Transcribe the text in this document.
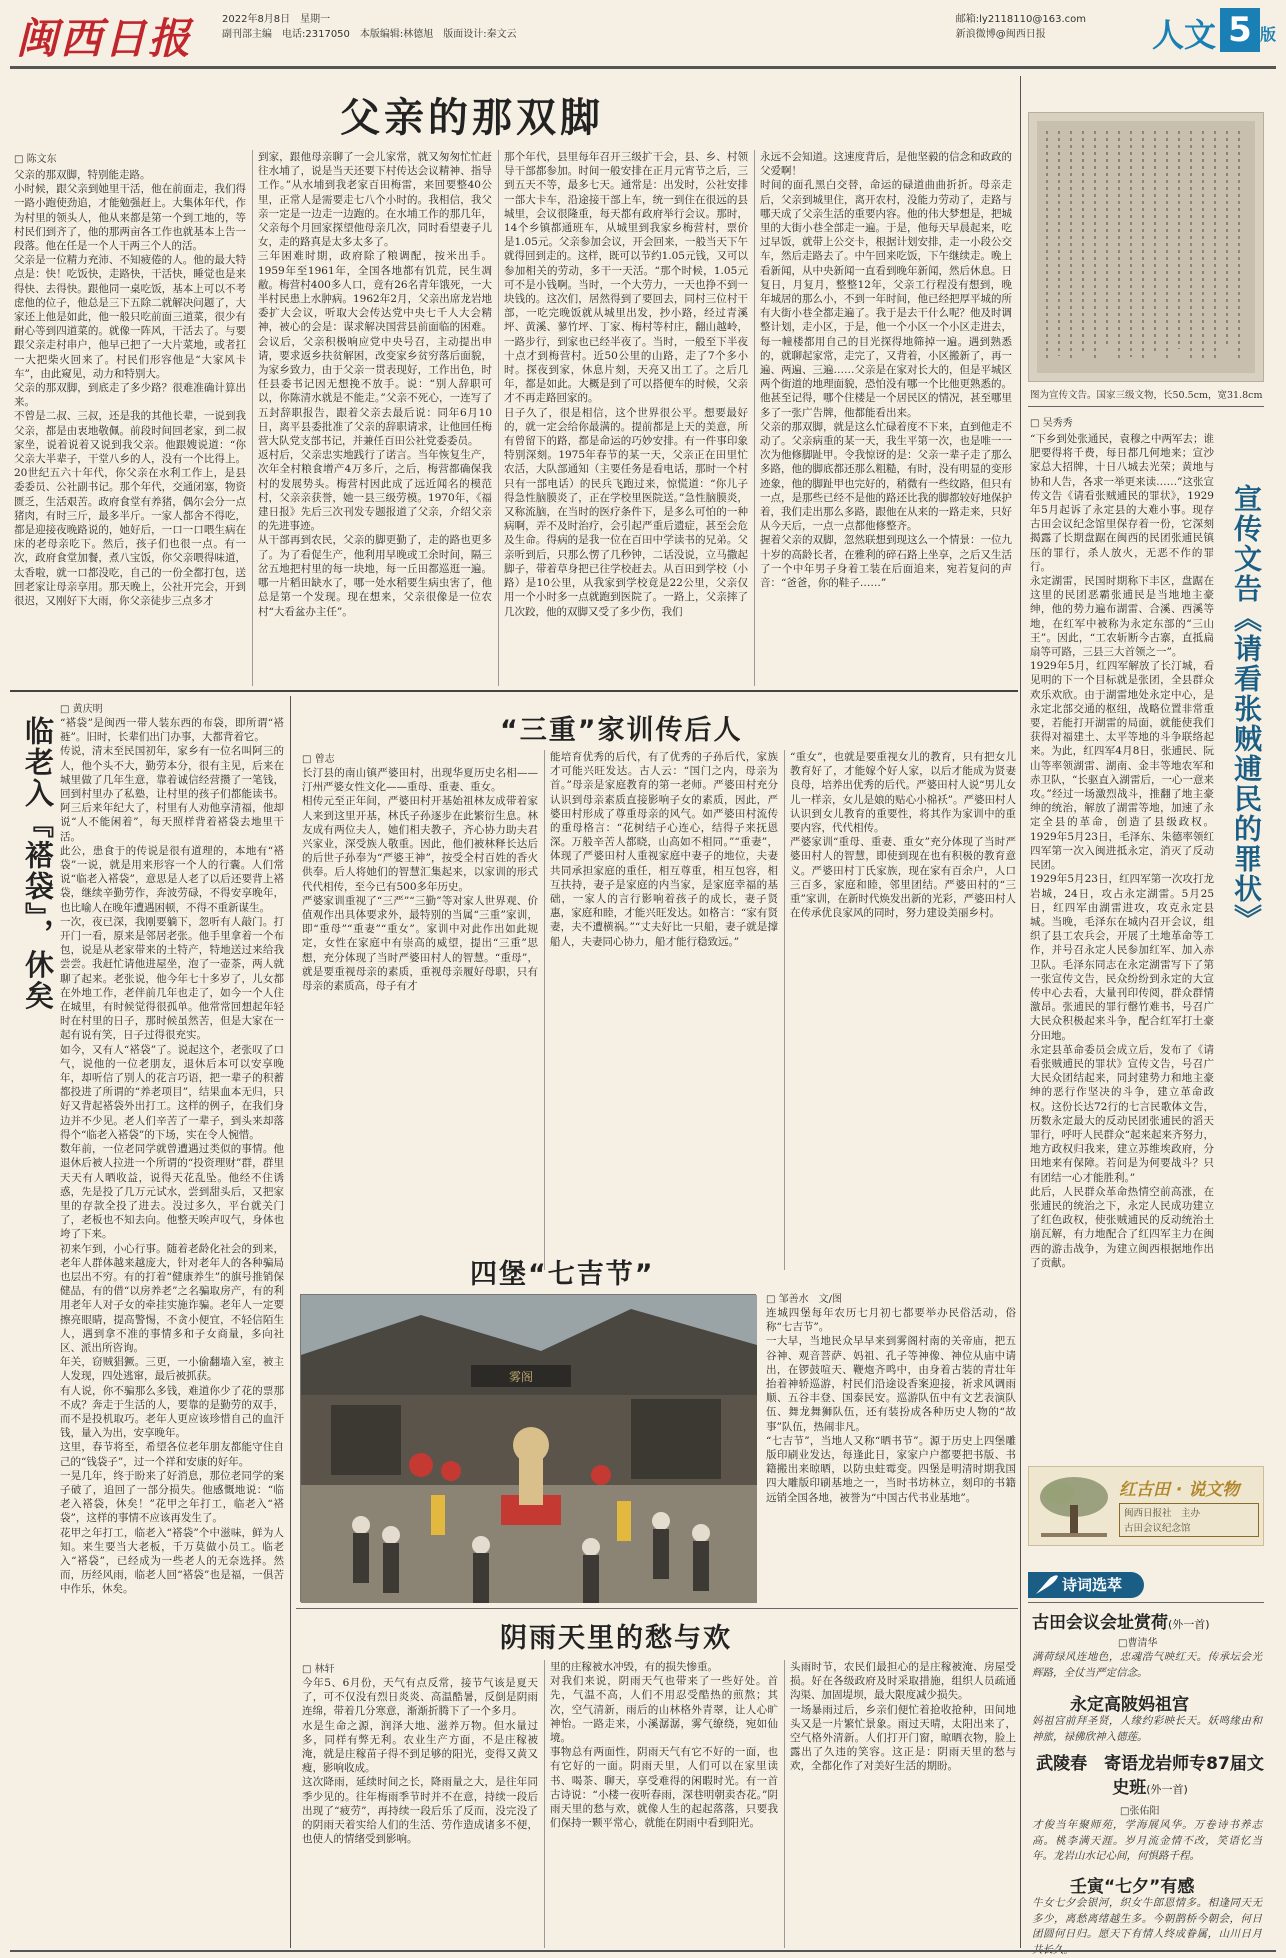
闽西日报	2022年8月8日　星期一
副刊部主编　电话:2317050　本版编辑:林德旭　版面设计:秦文云
邮箱:ly2118110@163.com
新浪微博@闽西日报	人文 5 版
父亲的那双脚
□ 陈文东
父亲的那双脚，特别能走路。
小时候，跟父亲到她里干活，他在前面走，我们得一路小跑使劲追，才能勉强赶上。大集体年代，作为村里的领头人，他从来都是第一个到工地的，等村民们到齐了，他的那两亩各工作也就基本上告一段落。他在任是一个人干两三个人的活。
父亲是一位精力充沛、不知疲倦的人。他的最大特点是：快！吃饭快，走路快，干活快，睡觉也是来得快、去得快。跟他同一桌吃饭，基本上可以不考虑他的位子，他总是三下五除二就解决问题了，大家还上他是如此，他一般只吃前面三道菜，很少有耐心等到四道菜的。就像一阵风，干活去了。与要跟父亲走村串户，他早已把了一大片菜地，或者扛一大把柴火回来了。村民们形容他是“大家风卡车”，由此窥见，动力和特别大。
父亲的那双脚，到底走了多少路？很难准确计算出来。
不曾是二叔、三叔，还是我的其他长辈，一说到我父亲，都是由衷地敬佩。前段时间回老家，到二叔家坐，说着说着又说到我父亲。他跟嫂说道：“你父亲大半辈子，干堂八乡的人，没有一个比得上。20世纪五六十年代，你父亲在水利工作上，是县委委员、公社副书记。那个年代，交通闭塞，物资匮乏，生活艰苦。政府食堂有养猪，偶尔会分一点猪肉，有时三斤，最多半斤。一家人都舍不得吃，都是迎接夜晚路说的，她好后，一口一口喂生病在床的老母亲吃下。然后，孩子们也很一点。有一次，政府食堂加餐，煮八宝饭，你父亲喂得味道，太香啦，就一口都没吃，自己的一份全都打包，送回老家让母亲享用。那天晚上，公社开完会，开到很迟，又刚好下大雨，你父亲徒步三点多才
到家，跟他母亲聊了一会儿家常，就又匆匆忙忙赶往水埔了，说是当天还要下村传达会议精神、指导工作。”从水埔到我老家百田梅雷，来回要整40公里，正常人是需要走七八个小时的。我相信，我父亲一定是一边走一边跑的。在水埔工作的那几年，父亲每个月回家探望他母亲几次，同时看望妻子儿女，走的路真是太多太多了。
三年困难时期，政府除了粮调配，按米出手。1959年至1961年，全国各地都有饥荒，民生凋敝。梅营村400多人口，竟有26名青年饿死，一大半村民患上水肿病。1962年2月，父亲出席龙岩地委扩大会议，听取大会传达党中央七千人大会精神，被心的会是：谋求解决国营县前面临的困难。会议后，父亲积极响应党中央号召，主动提出申请，要求返乡扶贫解困，改变家乡贫穷落后面貌，为家乡致力，由于父亲一贯表现好，工作出色，时任县委书记因无想挽不放手。说：“别人辞职可以，你陈清水就是不能走。”父亲不死心，一连写了五封辞职报告，跟着父亲去最后说：同年6月10日，离平县委批准了父亲的辞职请求，让他回任梅营大队党支部书记，并兼任百田公社党委委员。
返村后，父亲忠实地践行了诺言。当年恢复生产，次年全村粮食增产4万多斤，之后，梅营都确保我村的发展势头。梅营村因此成了远近闻名的模范村，父亲亲获誉，她一县三级劳模。1970年，《福建日报》先后三次刊发专题报道了父亲，介绍父亲的先进事迹。
从干部再到农民，父亲的脚更勤了，走的路也更多了。为了看促生产，他利用早晚或工余时间，隔三岔五地把村里的每一块地，每一丘田都巡逛一遍。哪一片稻田缺水了，哪一处水稻要生病虫害了，他总是第一个发现。现在想来，父亲很像是一位农村“大看盆办主任”。
那个年代，县里每年召开三级扩干会，县、乡、村领导干部都参加。时间一般安排在正月元宵节之后，三到五天不等，最多七天。通常是：出发时，公社安排一部大卡车，沿途接干部上车，统一到住在很远的县城里，会议很隆重，每天都有政府举行会议。那时，14个乡镇都通班车，从城里到我家乡梅营村，票价是1.05元。父亲参加会议，开会回来，一般当天下午就得回到走的。这样，既可以节约1.05元钱，又可以参加相关的劳动，多干一天活。“那个时候，1.05元可不是小钱啊。当时，一个大劳力，一天也挣不到一块钱的。这次们，居然得到了要回去，同村三位村干部，一吃完晚饭就从城里出发，抄小路，经过青溪坪、黄溪、蓼竹坪、丁家、梅村等村庄，翻山越岭，一路步行，到家也已经半夜了。当时，一般至下半夜十点才到梅营村。近50公里的山路，走了7个多小时。探夜到家，休息片刻，天亮又出工了。之后几年，都是如此。大概是到了可以搭便车的时候，父亲才不再走路回家的。
日子久了，很是相信，这个世界很公平。想要最好的，就一定会给你最满的。提前都是上天的美意，所有曾留下的路，都是命运的巧妙安排。有一件事印象特别深刻。1975年春节的某一天，父亲正在田里忙农活，大队部通知（主要任务是看电话，那时一个村只有一部电话）的民兵飞跑过来，惊慌道：“你儿子得急性脑膜炎了，正在学校里医院送。”急性脑膜炎，又称流脑，在当时的医疗条件下，是多么可怕的一种病啊，弄不及时治疗，会引起严重后遗症，甚至会危及生命。得病的是我一位在百田中学读书的兄弟。父亲听到后，只那么愣了几秒钟，二话没说，立马撒起脚子，带着草身把已往学校赶去。从百田到学校（小路）是10公里，从我家到学校竟是22公里，父亲仅用一个小时多一点就跑到医院了。一路上，父亲摔了几次跤，他的双脚又受了多少伤，我们
永远不会知道。这速度背后，是他坚毅的信念和政政的父爱啊！
时间的面孔黑白交替，命运的碌道曲曲折折。母亲走后，父亲到城里住，离开农村，没能力劳动了，走路与哪天成了父亲生活的重要内容。他的伟大梦想是，把城里的大街小巷全部走一遍。于是，他每天早晨起来，吃过早饭，就带上公交卡，根据计划安排，走一小段公交车，然后走路去了。中午回来吃饭，下午继续走。晚上看新闻，从中央新闻一直看到晚年新闻，然后休息。日复日，月复月，整整12年，父亲工行程没有想到，晚年城居的那么小，不到一年时间，他已经把厚平城的所有大街小巷全都走遍了。我于是去干什么呢？他及时调整计划，走小区，于是，他一个小区一个小区走进去，每一幢楼都用自己的目光探得地筛掉一遍。遇到熟悉的，就聊起家常，走完了，又背着，小区搬新了，再一遍、两遍、三遍……父亲是在家对长大的，但是平城区两个街道的地理面貌，恐怕没有哪一个比他更熟悉的。他甚至记得，哪个住楼是一个居民区的情况，甚至哪里多了一张广告牌，他都能看出来。
父亲的那双脚，就是这么忙碌着度不下来，直到他走不动了。父亲病重的某一天，我生平第一次，也是唯一一次为他修脚趾甲。令我惊讶的是：父亲一辈子走了那么多路，他的脚底都还那么粗糙，有时，没有明显的变形迹象，他的脚趾甲也完好的，稍微有一些纹路，但只有一点，是那些已经不是他的路还比我的脚都较好地保护着，我们走出那么多路，跟他在从来的一路走来，只好从今天后，一点一点都他修整齐。
握着父亲的双脚，忽然联想到现这么一个情景：一位九十岁的高龄长者，在雅利的碎石路上坐享，之后又生活了一个中年男子身着工装在后面追来，宛若复问的声音：“爸爸，你的鞋子……”
图为宣传文告。国家三级文物，长50.5cm，宽31.8cm
□ 吴秀秀
宣传文告《请看张贼逋民的罪状》
“下乡到处张通民，袁穆之中两军去；谁肥要得将千费，每日都几何地来；宣沙家总大招牌，十日八城去光荣；黄地与协和人告，各求一举更来读……”这张宣传文告《请看张贼逋民的罪状》，1929年5月起诉了永定县的大难小事。现存古田会议纪念馆里保存着一份，它深刻揭露了长期盘踞在闽西的民团张逋民镇压的罪行，杀人放火，无恶不作的罪行。
永定湖雷，民国时期称下丰区，盘踞在这里的民团恶霸张逋民是当地地主豪绅，他的势力遍布湖雷、合溪、西溪等地，在红军中被称为永定东部的“三山王”。因此，“工农斩断今古寨，直抵扁扇等可路，三县三大首领之一”。
1929年5月，红四军解放了长汀城，看见明的下一个目标就是张团，全县群众欢乐欢欣。由于湖雷地处永定中心，是永定北部交通的枢纽，战略位置非常重要，若能打开湖雷的局面，就能使我们获得对福建土、太平等地的斗争联络起来。为此，红四军4月8日，张逋民、阮山等率领湖雷、湖南、金丰等地农军和赤卫队，“长驱直入湖雷后，一心一意来攻。”经过一场激烈战斗，推翻了地主豪绅的统治，解放了湖雷等地，加速了永定全县的革命，创造了县级政权。1929年5月23日，毛泽东、朱德率领红四军第一次入闽进抵永定，消灭了反动民团。
1929年5月23日，红四军第一次攻打龙岩城，24日，攻占永定湖雷。5月25日，红四军由湖雷进攻，攻克永定县城。当晚，毛泽东在城内召开会议，组织了县工农兵会，开展了土地革命等工作，并号召永定人民参加红军、加入赤卫队。毛泽东同志在永定湖雷写下了第一张宣传文告，民众纷纷到永定的大宣传中心去看，大量刊印传阅，群众群情激昂。张逋民的罪行罄竹难书，号召广大民众积极起来斗争，配合红军打土豪分田地。
永定县革命委员会成立后，发布了《请看张贼逋民的罪状》宣传文告，号召广大民众团结起来，同封建势力和地主豪绅的恶行作坚决的斗争，建立革命政权。这份长达72行的七言民歌体文告，历数永定最大的反动民团张逋民的滔天罪行，呼吁人民群众“起来起来齐努力，地方政权归我来，建立苏维埃政府，分田地来有保障。若问是为何要战斗？只有团结一心才能胜利。”
此后，人民群众革命热情空前高涨，在张逋民的统治之下，永定人民成功建立了红色政权，使张贼逋民的反动统治土崩瓦解，有力地配合了红四军主力在闽西的游击战争，为建立闽西根据地作出了贡献。

红古田 · 说文物
闽西日报社　主办
古田会议纪念馆
诗词选萃
古田会议会址赏荷(外一首)
□曹清华
满荷绿风连地色，忠魂浩气映红天。传承坛会光辉路，全仗当严定信念。
永定高陂妈祖宫
妈祖宫前拜圣贤，人缘约彩映长天。妖鸣缘由和神旅，禄佛欣神入德莲。
武陵春　寄语龙岩师专87届文史班(外一首)
□张佑阳
才俊当年聚师苑，学海展风华。万卷诗书养志高。桃李满天涯。岁月流金情不改，笑语忆当年。龙岩山水记心间，何惧路千程。
壬寅“七夕”有感
牛女七夕会银河，织女牛郎恩情多。相逢同天无多少，离愁离绪越生多。今朝鹊桥今朝会，何日团圆何日归。愿天下有情人终成眷属，山川日月
□ 黄庆明
临老入『褡袋』，休矣 “褡袋”是闽西一带人装东西的布袋，即所谓“褡裢”。旧时，长辈们出门办事，大都背着它。
传说，清末至民国初年，家乡有一位名叫阿三的人，他个头不大，勤劳本分，很有主见，后来在城里做了几年生意，靠着诚信经营攒了一笔钱，回到村里办了私塾，让村里的孩子们都能读书。阿三后来年纪大了，村里有人劝他享清福，他却说“人不能闲着”，每天照样背着褡袋去地里干活。
此公，患食于的传说是很有道理的，本地有“褡袋”一说，就是用来形容一个人的行囊。人们常说“临老入褡袋”，意思是人老了以后还要背上褡袋，继续辛勤劳作，奔波劳碌，不得安享晚年，也比喻人在晚年遭遇困顿，不得不重新谋生。
一次，夜已深，我刚要躺下，忽听有人敲门。打开门一看，原来是邻居老张。他手里拿着一个布包，说是从老家带来的土特产，特地送过来给我尝尝。我赶忙请他进屋坐，泡了一壶茶，两人就聊了起来。老张说，他今年七十多岁了，儿女都在外地工作，老伴前几年也走了，如今一个人住在城里，有时候觉得很孤单。他常常回想起年轻时在村里的日子，那时候虽然苦，但是大家在一起有说有笑，日子过得很充实。
如今，又有人“褡袋”了。说起这个，老张叹了口气，说他的一位老朋友，退休后本可以安享晚年，却听信了别人的花言巧语，把一辈子的积蓄都投进了所谓的“养老项目”，结果血本无归，只好又背起褡袋外出打工。这样的例子，在我们身边并不少见。老人们辛苦了一辈子，到头来却落得个“临老入褡袋”的下场，实在令人惋惜。
数年前，一位老同学就曾遭遇过类似的事情。他退休后被人拉进一个所谓的“投资理财”群，群里天天有人晒收益，说得天花乱坠。他经不住诱惑，先是投了几万元试水，尝到甜头后，又把家里的存款全投了进去。没过多久，平台就关门了，老板也不知去向。他整天唉声叹气，身体也垮了下来。
初来乍到，小心行事。随着老龄化社会的到来，老年人群体越来越庞大，针对老年人的各种骗局也层出不穷。有的打着“健康养生”的旗号推销保健品，有的借“以房养老”之名骗取房产，有的利用老年人对子女的牵挂实施诈骗。老年人一定要擦亮眼睛，提高警惕，不贪小便宜，不轻信陌生人，遇到拿不准的事情多和子女商量，多向社区、派出所咨询。
年关，窃贼猖獗。三更，一小偷翻墙入室，被主人发现，四处逃窜，最后被抓获。
有人说，你不骗那么多钱，难道你少了花的票那不成？奔走于生活的人，要靠的是勤劳的双手，而不是投机取巧。老年人更应该珍惜自己的血汗钱，量入为出，安享晚年。
这里，春节将至，希望各位老年朋友都能守住自己的“钱袋子”，过一个祥和安康的好年。
一晃几年，终于盼来了好消息，那位老同学的案子破了，追回了一部分损失。他感慨地说：“临老入褡袋，休矣！”花甲之年打工，临老入“褡袋”，这样的事情不应该再发生了。
花甲之年打工，临老入“褡袋”个中滋味，鲜为人知。来生要当大老板，千万莫做小员工。临老入“褡袋”，已经成为一些老人的无奈选择。然而，历经风雨，临老人回“褡袋”也是福，一俱苦中作乐，休矣。
“三重”家训传后人
□ 曾志
长汀县的南山镇严婆田村，出现华夏历史名相——汀州严婆女性文化——重母、重妻、重女。
相传元至正年间，严婆田村开基始祖林友成带着家人来到这里开基，林氏子孙逐步在此繁衍生息。林友成有两位夫人，她们相夫教子，齐心协力助夫君兴家业，深受族人敬重。因此，他们被林释长达后的后世子孙奉为“严婆王神”，按受全村百姓的香火供奉。后人将她们的智慧汇集起来，以家训的形式代代相传，至今已有500多年历史。
严婆家训重视了“三严”“三勤”等对家人世界观、价值观作出具体要求外，最特别的当属“三重”家训，即“重母”“重妻”“重女”。家训中对此作出如此规定，女性在家庭中有崇高的威望，提出“三重”思想，充分体现了当时严婆田村人的智慧。“重母”，就是要重视母亲的素质，重视母亲履好母职，只有母亲的素质高，母子有才
能培育优秀的后代，有了优秀的子孙后代，家族才可能兴旺发达。古人云：“国门之内，母亲为首。”母亲是家庭教育的第一老师。严婆田村充分认识到母亲素质直接影响子女的素质，因此，严婆田村形成了尊重母亲的风气。如严婆田村流传的重母格言：“花树结子心连心，结得子来抚恩深。万般辛苦人都晓，山高如不相同。”“重妻”，体现了严婆田村人重视家庭中妻子的地位，夫妻共同承担家庭的重任，相互尊重，相互包容，相互扶持，妻子是家庭的内当家，是家庭幸福的基础，一家人的言行影响着孩子的成长，妻子贤惠，家庭和睦，才能兴旺发达。如格言：“家有贤妻，夫不遭横祸。”“丈夫好比一只船，妻子就是撑船人，夫妻同心协力，船才能行稳致远。”
“重女”，也就是要重视女儿的教育，只有把女儿教育好了，才能嫁个好人家，以后才能成为贤妻良母，培养出优秀的后代。严婆田村人说“男儿女儿一样亲，女儿是娘的贴心小棉袄”。严婆田村人认识到女儿教育的重要性，将其作为家训中的重要内容，代代相传。
严婆家训“重母、重妻、重女”充分体现了当时严婆田村人的智慧，即使到现在也有积极的教育意义。严婆田村丁氏家族，现在家有百余户，人口三百多，家庭和睦，邻里团结。严婆田村的“三重”家训，在新时代焕发出新的光彩，严婆田村人在传承优良家风的同时，努力建设美丽乡村。
四堡“七吉节”
雾阁
□ 邹善水　 文/图
连城四堡每年农历七月初七都要举办民俗活动，俗称“七吉节”。
一大早，当地民众早早来到雾阁村南的关帝庙，把五谷神、观音菩萨、妈祖、孔子等神像、神位从庙中请出，在锣鼓喧天、鞭炮齐鸣中，由身着古装的青壮年抬着神轿巡游，村民们沿途设香案迎接，祈求风调雨顺、五谷丰登、国泰民安。巡游队伍中有文艺表演队伍、舞龙舞狮队伍，还有装扮成各种历史人物的“故事”队伍，热闹非凡。
“七吉节”，当地人又称“晒书节”。源于历史上四堡雕版印刷业发达，每逢此日，家家户户都要把书版、书籍搬出来晾晒，以防虫蛀霉变。四堡是明清时期我国四大雕版印刷基地之一，当时书坊林立，刻印的书籍远销全国各地，被誉为“中国古代书业基地”。
阴雨天里的愁与欢
□ 林轩
今年5、6月份，天气有点反常，接节气该是夏天了，可不仅没有烈日炎炎、高温酷暑，反倒是阴雨连绵，带着几分寒意，渐渐折腾下了一个多月。
水是生命之源，润泽大地、滋养万物。但水量过多，同样有弊无利。农业生产方面，不是庄稼被淹，就是庄稼苗子得不到足够的阳光，变得又黄又瘦，影响收成。
这次降雨，延续时间之长，降雨量之大，是往年同季少见的。往年梅雨季节时并不在意，持续一段后出现了“疲劳”，再持续一段后乐了反而，没完没了的阴雨天着实给人们的生活、劳作造成诸多不便，也使人的情绪受到影响。
里的庄稼被水冲毁，有的损失惨重。
对我们来说，阴雨天气也带来了一些好处。首先，气温不高，人们不用忍受酷热的煎熬；其次，空气清新，雨后的山林格外青翠，让人心旷神怡。一路走来，小溪潺潺，雾气缭绕，宛如仙境。
事物总有两面性，阴雨天气有它不好的一面，也有它好的一面。阴雨天里，人们可以在家里读书、喝茶、聊天，享受难得的闲暇时光。有一首古诗说：“小楼一夜听春雨，深巷明朝卖杏花。”阴雨天里的愁与欢，就像人生的起起落落，只要我们保持一颗平常心，就能在阴雨中看到阳光。
头雨时节，农民们最担心的是庄稼被淹、房屋受损。好在各级政府及时采取措施，组织人员疏通沟渠、加固堤坝，最大限度减少损失。
一场暴雨过后，乡亲们便忙着抢收抢种，田间地头又是一片繁忙景象。雨过天晴，太阳出来了，空气格外清新。人们打开门窗，晾晒衣物，脸上露出了久违的笑容。这正是：阴雨天里的愁与欢，全都化作了对美好生活的期盼。
